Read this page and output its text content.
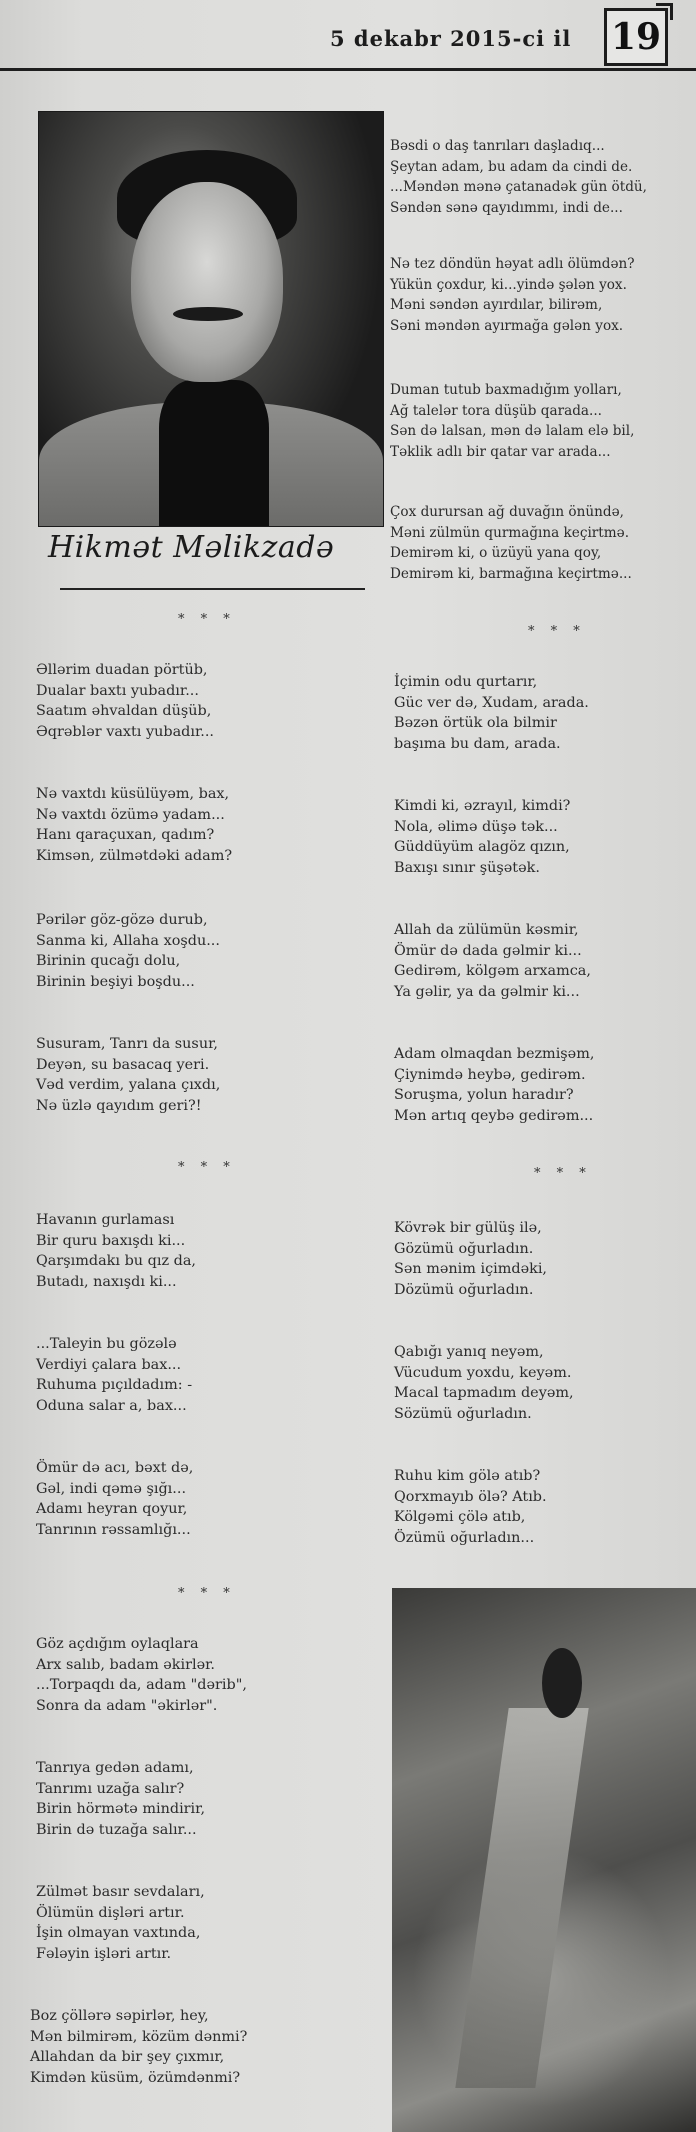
5 dekabr 2015-ci il 19
Hikmət Məlikzadə
Bəsdi o daş tanrıları daşladıq...
Şeytan adam, bu adam da cindi de.
...Məndən mənə çatanadək gün ötdü,
Səndən sənə qayıdımmı, indi de...
Nə tez döndün həyat adlı ölümdən?
Yükün çoxdur, ki...yində şələn yox.
Məni səndən ayırdılar, bilirəm,
Səni məndən ayırmağa gələn yox.
Duman tutub baxmadığım yolları,
Ağ talelər tora düşüb qarada...
Sən də lalsan, mən də lalam elə bil,
Təklik adlı bir qatar var arada...
Çox durursan ağ duvağın önündə,
Məni zülmün qurmağına keçirtmə.
Demirəm ki, o üzüyü yana qoy,
Demirəm ki, barmağına keçirtmə...
* * *
* * *
* * *	* * *
* * *
Əllərim duadan pörtüb,
Dualar baxtı yubadır...
Saatım əhvaldan düşüb,
Əqrəblər vaxtı yubadır...
Nə vaxtdı küsülüyəm, bax,
Nə vaxtdı özümə yadam...
Hanı qaraçuxan, qadım?
Kimsən, zülmətdəki adam?
Pərilər göz-gözə durub,
Sanma ki, Allaha xoşdu...
Birinin qucağı dolu,
Birinin beşiyi boşdu...
Susuram, Tanrı da susur,
Deyən, su basacaq yeri.
Vəd verdim, yalana çıxdı,
Nə üzlə qayıdım geri?!
Havanın gurlaması
Bir quru baxışdı ki...
Qarşımdakı bu qız da,
Butadı, naxışdı ki...
...Taleyin bu gözələ
Verdiyi çalara bax...
Ruhuma pıçıldadım: -
Oduna salar a, bax...
Ömür də acı, bəxt də,
Gəl, indi qəmə şığı...
Adamı heyran qoyur,
Tanrının rəssamlığı...
Göz açdığım oylaqlara
Arx salıb, badam əkirlər.
...Torpaqdı da, adam "dərib",
Sonra da adam "əkirlər".
Tanrıya gedən adamı,
Tanrımı uzağa salır?
Birin hörmətə mindirir,
Birin də tuzağa salır...
Zülmət basır sevdaları,
Ölümün dişləri artır.
İşin olmayan vaxtında,
Fələyin işləri artır.
Boz çöllərə səpirlər, hey,
Mən bilmirəm, közüm dənmi?
Allahdan da bir şey çıxmır,
Kimdən küsüm, özümdənmi?
İçimin odu qurtarır,
Güc ver də, Xudam, arada.
Bəzən örtük ola bilmir
başıma bu dam, arada.
Kimdi ki, əzrayıl, kimdi?
Nola, əlimə düşə tək...
Güddüyüm alagöz qızın,
Baxışı sınır şüşətək.
Allah da zülümün kəsmir,
Ömür də dada gəlmir ki...
Gedirəm, kölgəm arxamca,
Ya gəlir, ya da gəlmir ki...
Adam olmaqdan bezmişəm,
Çiynimdə heybə, gedirəm.
Soruşma, yolun haradır?
Mən artıq qeybə gedirəm...
Kövrək bir gülüş ilə,
Gözümü oğurladın.
Sən mənim içimdəki,
Dözümü oğurladın.
Qabığı yanıq neyəm,
Vücudum yoxdu, keyəm.
Macal tapmadım deyəm,
Sözümü oğurladın.
Ruhu kim gölə atıb?
Qorxmayıb ölə? Atıb.
Kölgəmi çölə atıb,
Özümü oğurladın...
